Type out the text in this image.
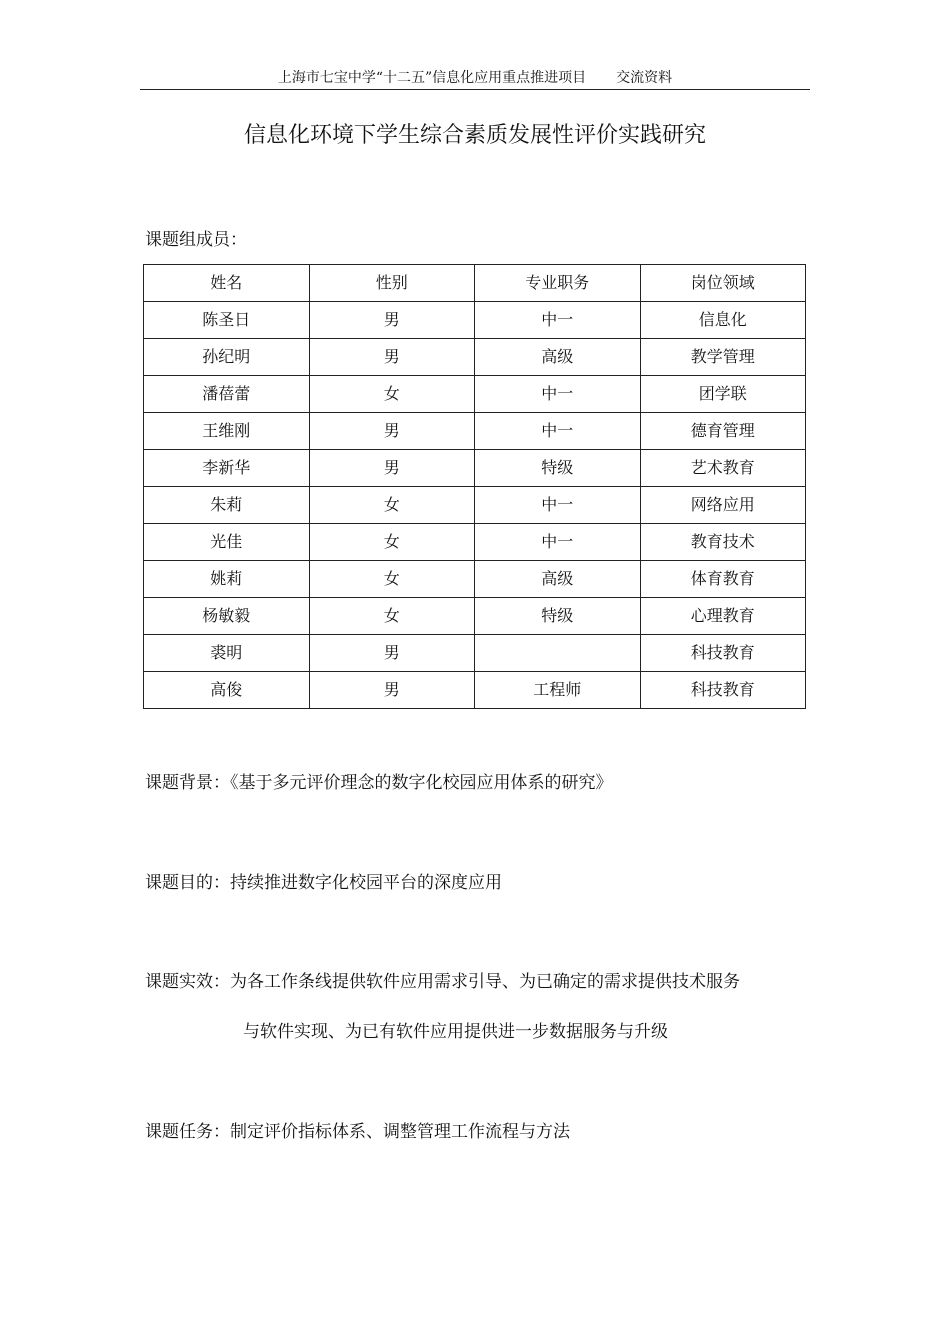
上海市七宝中学“十二五”信息化应用重点推进项目 交流资料
信息化环境下学生综合素质发展性评价实践研究
课题组成员：
姓名	性别	专业职务	岗位领域
陈圣日	男	中一	信息化
孙纪明	男	高级	教学管理
潘蓓蕾	女	中一	团学联
王维刚	男	中一	德育管理
李新华	男	特级	艺术教育
朱莉	女	中一	网络应用
光佳	女	中一	教育技术
姚莉	女	高级	体育教育
杨敏毅	女	特级	心理教育
裘明	男		科技教育
高俊	男	工程师	科技教育
课题背景：《基于多元评价理念的数字化校园应用体系的研究》
课题目的：持续推进数字化校园平台的深度应用
课题实效：为各工作条线提供软件应用需求引导、为已确定的需求提供技术服务
与软件实现、为已有软件应用提供进一步数据服务与升级
课题任务：制定评价指标体系、调整管理工作流程与方法
